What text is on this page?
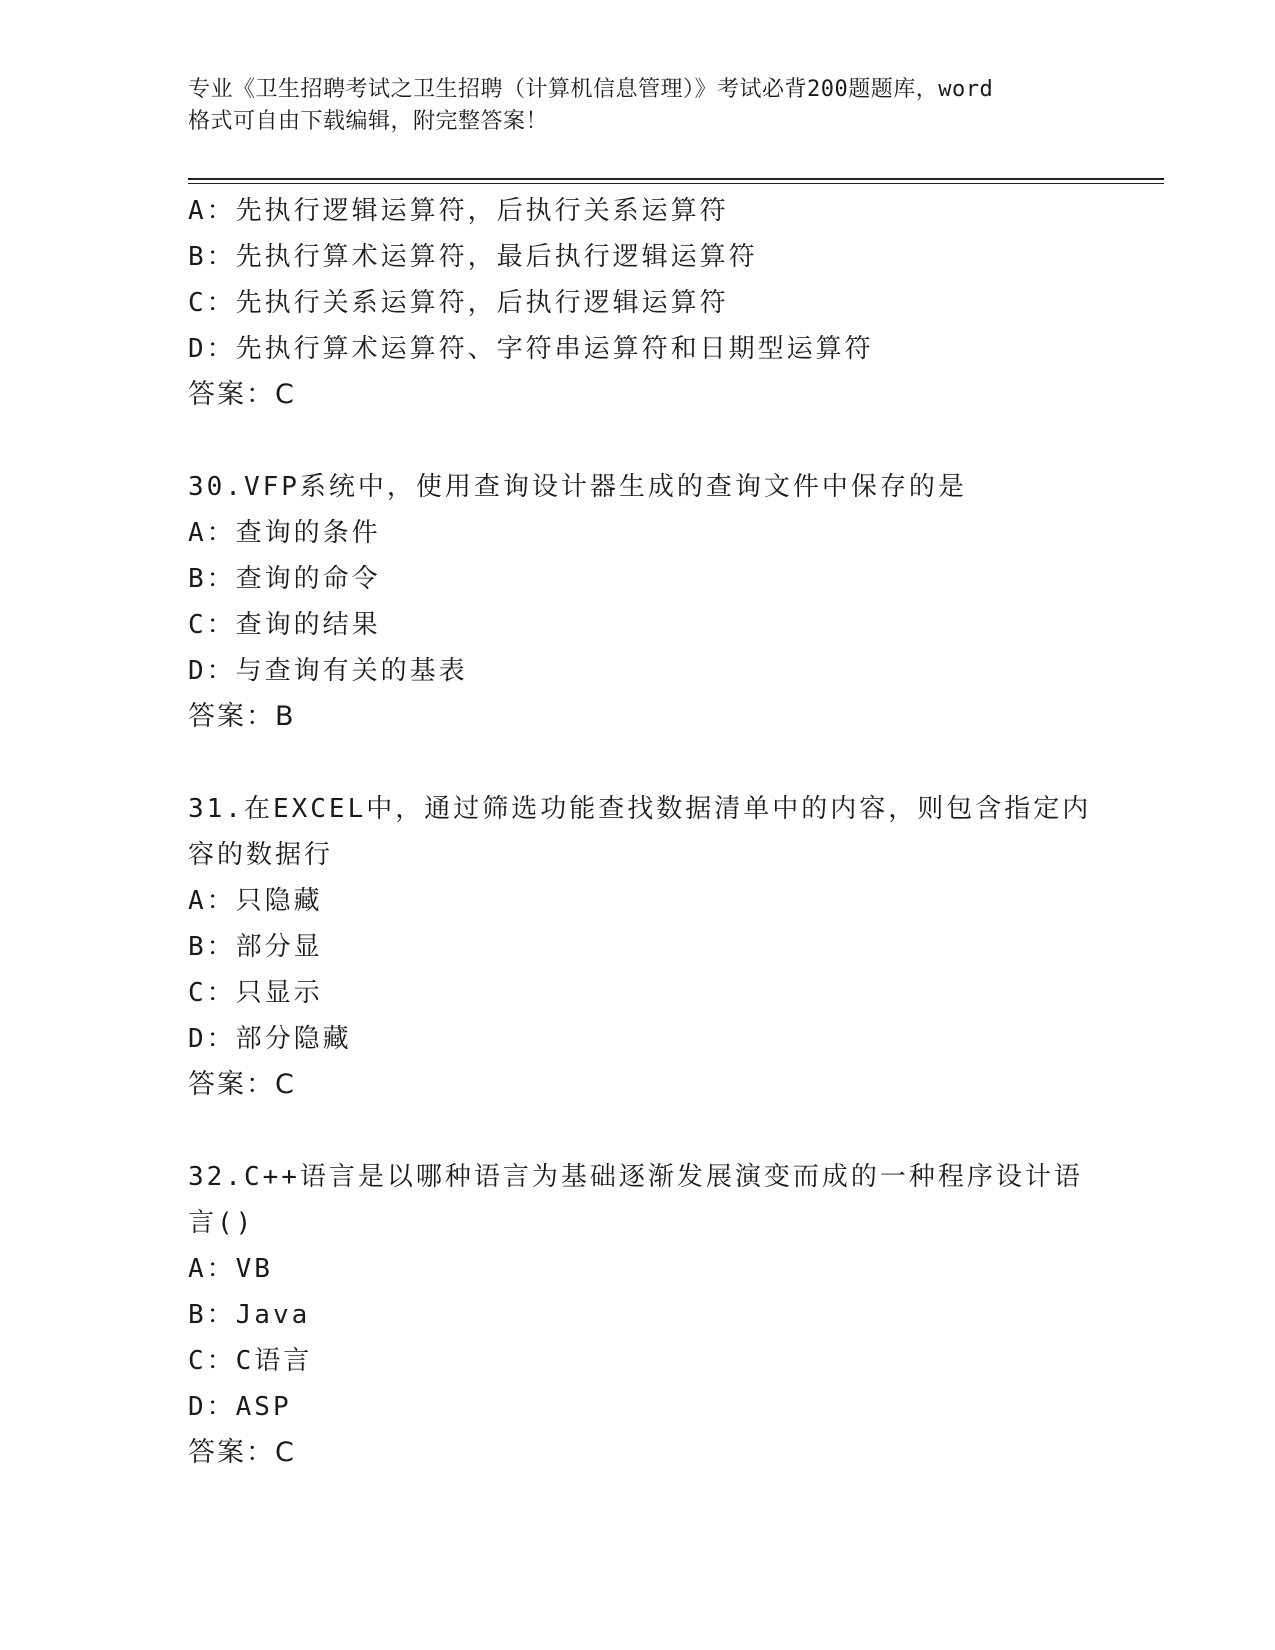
专业《卫生招聘考试之卫生招聘（计算机信息管理）》考试必背200题题库，word
格式可自由下载编辑，附完整答案！
A：先执行逻辑运算符，后执行关系运算符
B：先执行算术运算符，最后执行逻辑运算符
C：先执行关系运算符，后执行逻辑运算符
D：先执行算术运算符、字符串运算符和日期型运算符
答案：C
30.VFP系统中，使用查询设计器生成的查询文件中保存的是
A：查询的条件
B：查询的命令
C：查询的结果
D：与查询有关的基表
答案：B
31.在EXCEL中，通过筛选功能查找数据清单中的内容，则包含指定内
容的数据行
A：只隐藏
B：部分显
C：只显示
D：部分隐藏
答案：C
32.C++语言是以哪种语言为基础逐渐发展演变而成的一种程序设计语
言()
A：VB
B：Java
C：C语言
D：ASP
答案：C
